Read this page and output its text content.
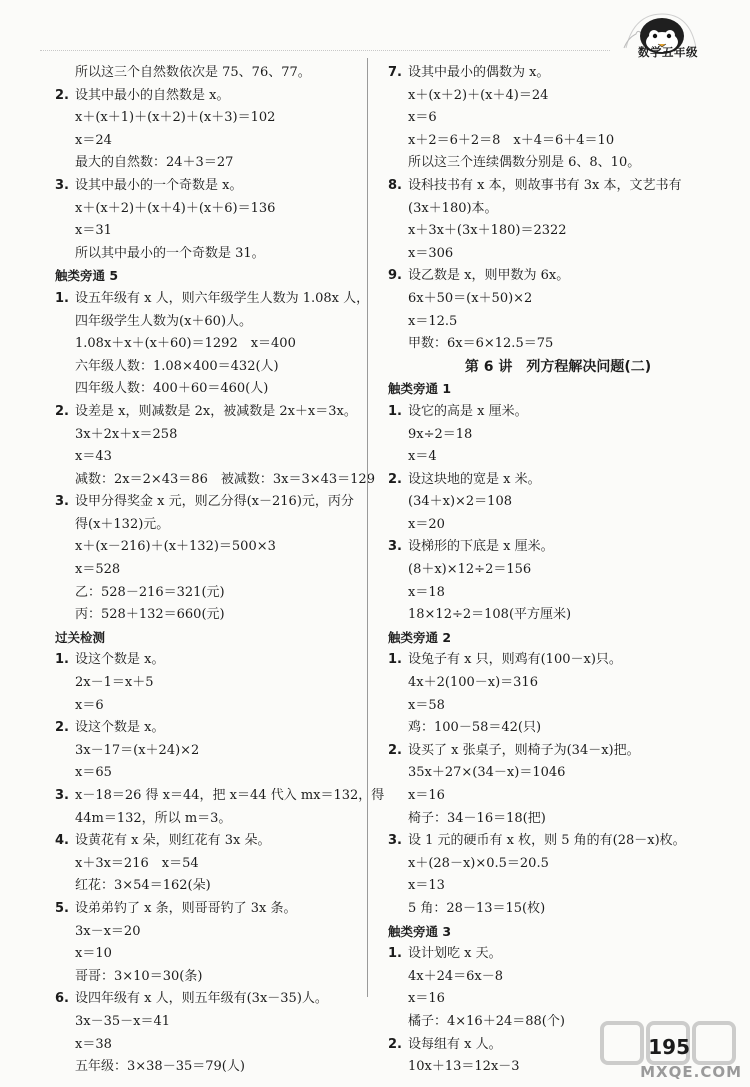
数学五年级
所以这三个自然数依次是 75、76、77。
2. 设其中最小的自然数是 x。
x＋(x＋1)＋(x＋2)＋(x＋3)＝102
x＝24
最大的自然数：24＋3＝27
3. 设其中最小的一个奇数是 x。
x＋(x＋2)＋(x＋4)＋(x＋6)＝136
x＝31
所以其中最小的一个奇数是 31。
触类旁通 5
1. 设五年级有 x 人，则六年级学生人数为 1.08x 人，
四年级学生人数为(x＋60)人。
1.08x＋x＋(x＋60)＝1292　x＝400
六年级人数：1.08×400＝432(人)
四年级人数：400＋60＝460(人)
2. 设差是 x，则减数是 2x，被减数是 2x＋x＝3x。
3x＋2x＋x＝258
x＝43
减数：2x＝2×43＝86　被减数：3x＝3×43＝129
3. 设甲分得奖金 x 元，则乙分得(x－216)元，丙分
得(x＋132)元。
x＋(x－216)＋(x＋132)＝500×3
x＝528
乙：528－216＝321(元)
丙：528＋132＝660(元)
过关检测
1. 设这个数是 x。
2x－1＝x＋5
x＝6
2. 设这个数是 x。
3x－17＝(x＋24)×2
x＝65
3. x－18＝26 得 x＝44，把 x＝44 代入 mx＝132，得
44m＝132，所以 m＝3。
4. 设黄花有 x 朵，则红花有 3x 朵。
x＋3x＝216　x＝54
红花：3×54＝162(朵)
5. 设弟弟钓了 x 条，则哥哥钓了 3x 条。
3x－x＝20
x＝10
哥哥：3×10＝30(条)
6. 设四年级有 x 人，则五年级有(3x－35)人。
3x－35－x＝41
x＝38
五年级：3×38－35＝79(人)
7. 设其中最小的偶数为 x。
x＋(x＋2)＋(x＋4)＝24
x＝6
x＋2＝6＋2＝8　x＋4＝6＋4＝10
所以这三个连续偶数分别是 6、8、10。
8. 设科技书有 x 本，则故事书有 3x 本，文艺书有
(3x＋180)本。
x＋3x＋(3x＋180)＝2322
x＝306
9. 设乙数是 x，则甲数为 6x。
6x＋50＝(x＋50)×2
x＝12.5
甲数：6x＝6×12.5＝75
第 6 讲　列方程解决问题(二)
触类旁通 1
1. 设它的高是 x 厘米。
9x÷2＝18
x＝4
2. 设这块地的宽是 x 米。
(34＋x)×2＝108
x＝20
3. 设梯形的下底是 x 厘米。
(8＋x)×12÷2＝156
x＝18
18×12÷2＝108(平方厘米)
触类旁通 2
1. 设兔子有 x 只，则鸡有(100－x)只。
4x＋2(100－x)＝316
x＝58
鸡：100－58＝42(只)
2. 设买了 x 张桌子，则椅子为(34－x)把。
35x＋27×(34－x)＝1046
x＝16
椅子：34－16＝18(把)
3. 设 1 元的硬币有 x 枚，则 5 角的有(28－x)枚。
x＋(28－x)×0.5＝20.5
x＝13
5 角：28－13＝15(枚)
触类旁通 3
1. 设计划吃 x 天。
4x＋24＝6x－8
x＝16
橘子：4×16＋24＝88(个)
2. 设每组有 x 人。
10x＋13＝12x－3
195
MXQE.COM
